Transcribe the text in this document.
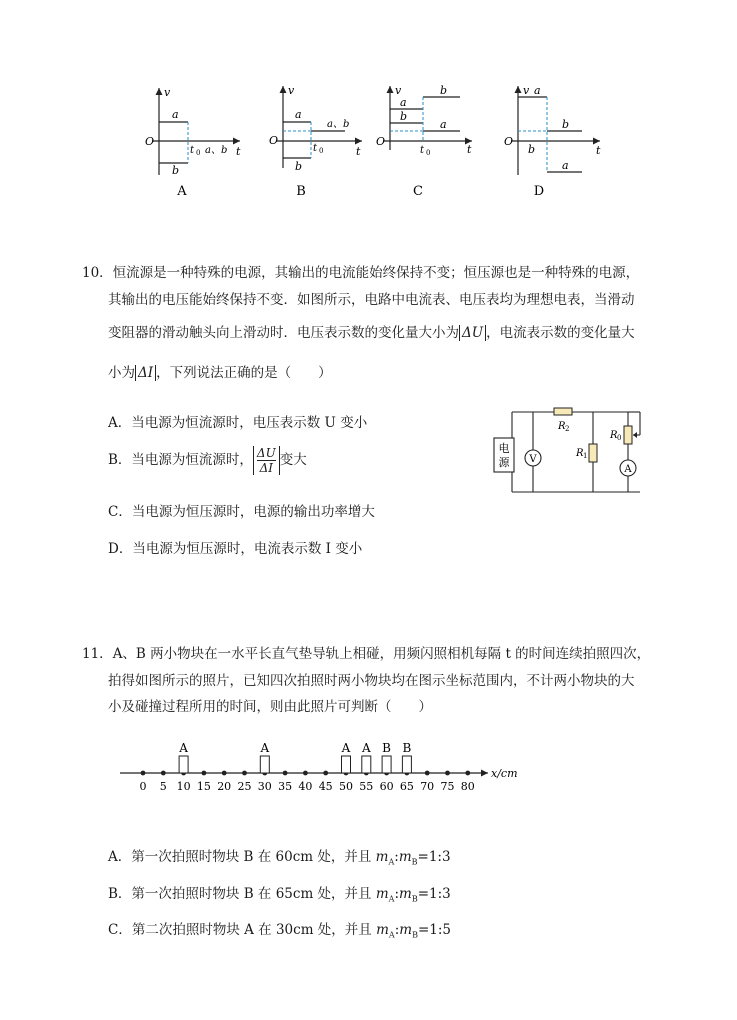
v
t
O
a
b
t 0 a、b
A
v
t
O
a
b
t 0
a、b
B
v
t
O
a
b
b
a
t 0
C
v
t
O
a
b
b
a
D
10．恒流源是一种特殊的电源，其输出的电流能始终保持不变；恒压源也是一种特殊的电源，
其输出的电压能始终保持不变．如图所示，电路中电流表、电压表均为理想电表，当滑动
变阻器的滑动触头向上滑动时．电压表示数的变化量大小为 ΔU ，电流表示数的变化量大
小为 ΔI ，下列说法正确的是（　　）
A．当电源为恒流源时，电压表示数 U 变小
B．当电源为恒流源时， $\frac{\Delta U}{\Delta I}$ 变大
C．当电源为恒压源时，电源的输出功率增大
D．当电源为恒压源时，电流表示数 I 变小
电
源 V
R 2
R 1
A
R 0
11．A、B 两小物块在一水平长直气垫导轨上相碰，用频闪照相机每隔 t 的时间连续拍照四次，
拍得如图所示的照片，已知四次拍照时两小物块均在图示坐标范围内，不计两小物块的大
小及碰撞过程所用的时间，则由此照片可判断（　　）
0 5 10 15 20 25 30 35 40 45 50 55 60 65 70 75 80
A	A	A A B B
x/cm
A．第一次拍照时物块 B 在 60cm 处，并且 $m_A:m_B=1:3$
B．第一次拍照时物块 B 在 65cm 处，并且 $m_A:m_B=1:3$
C．第二次拍照时物块 A 在 30cm 处，并且 $m_A:m_B=1:5$
